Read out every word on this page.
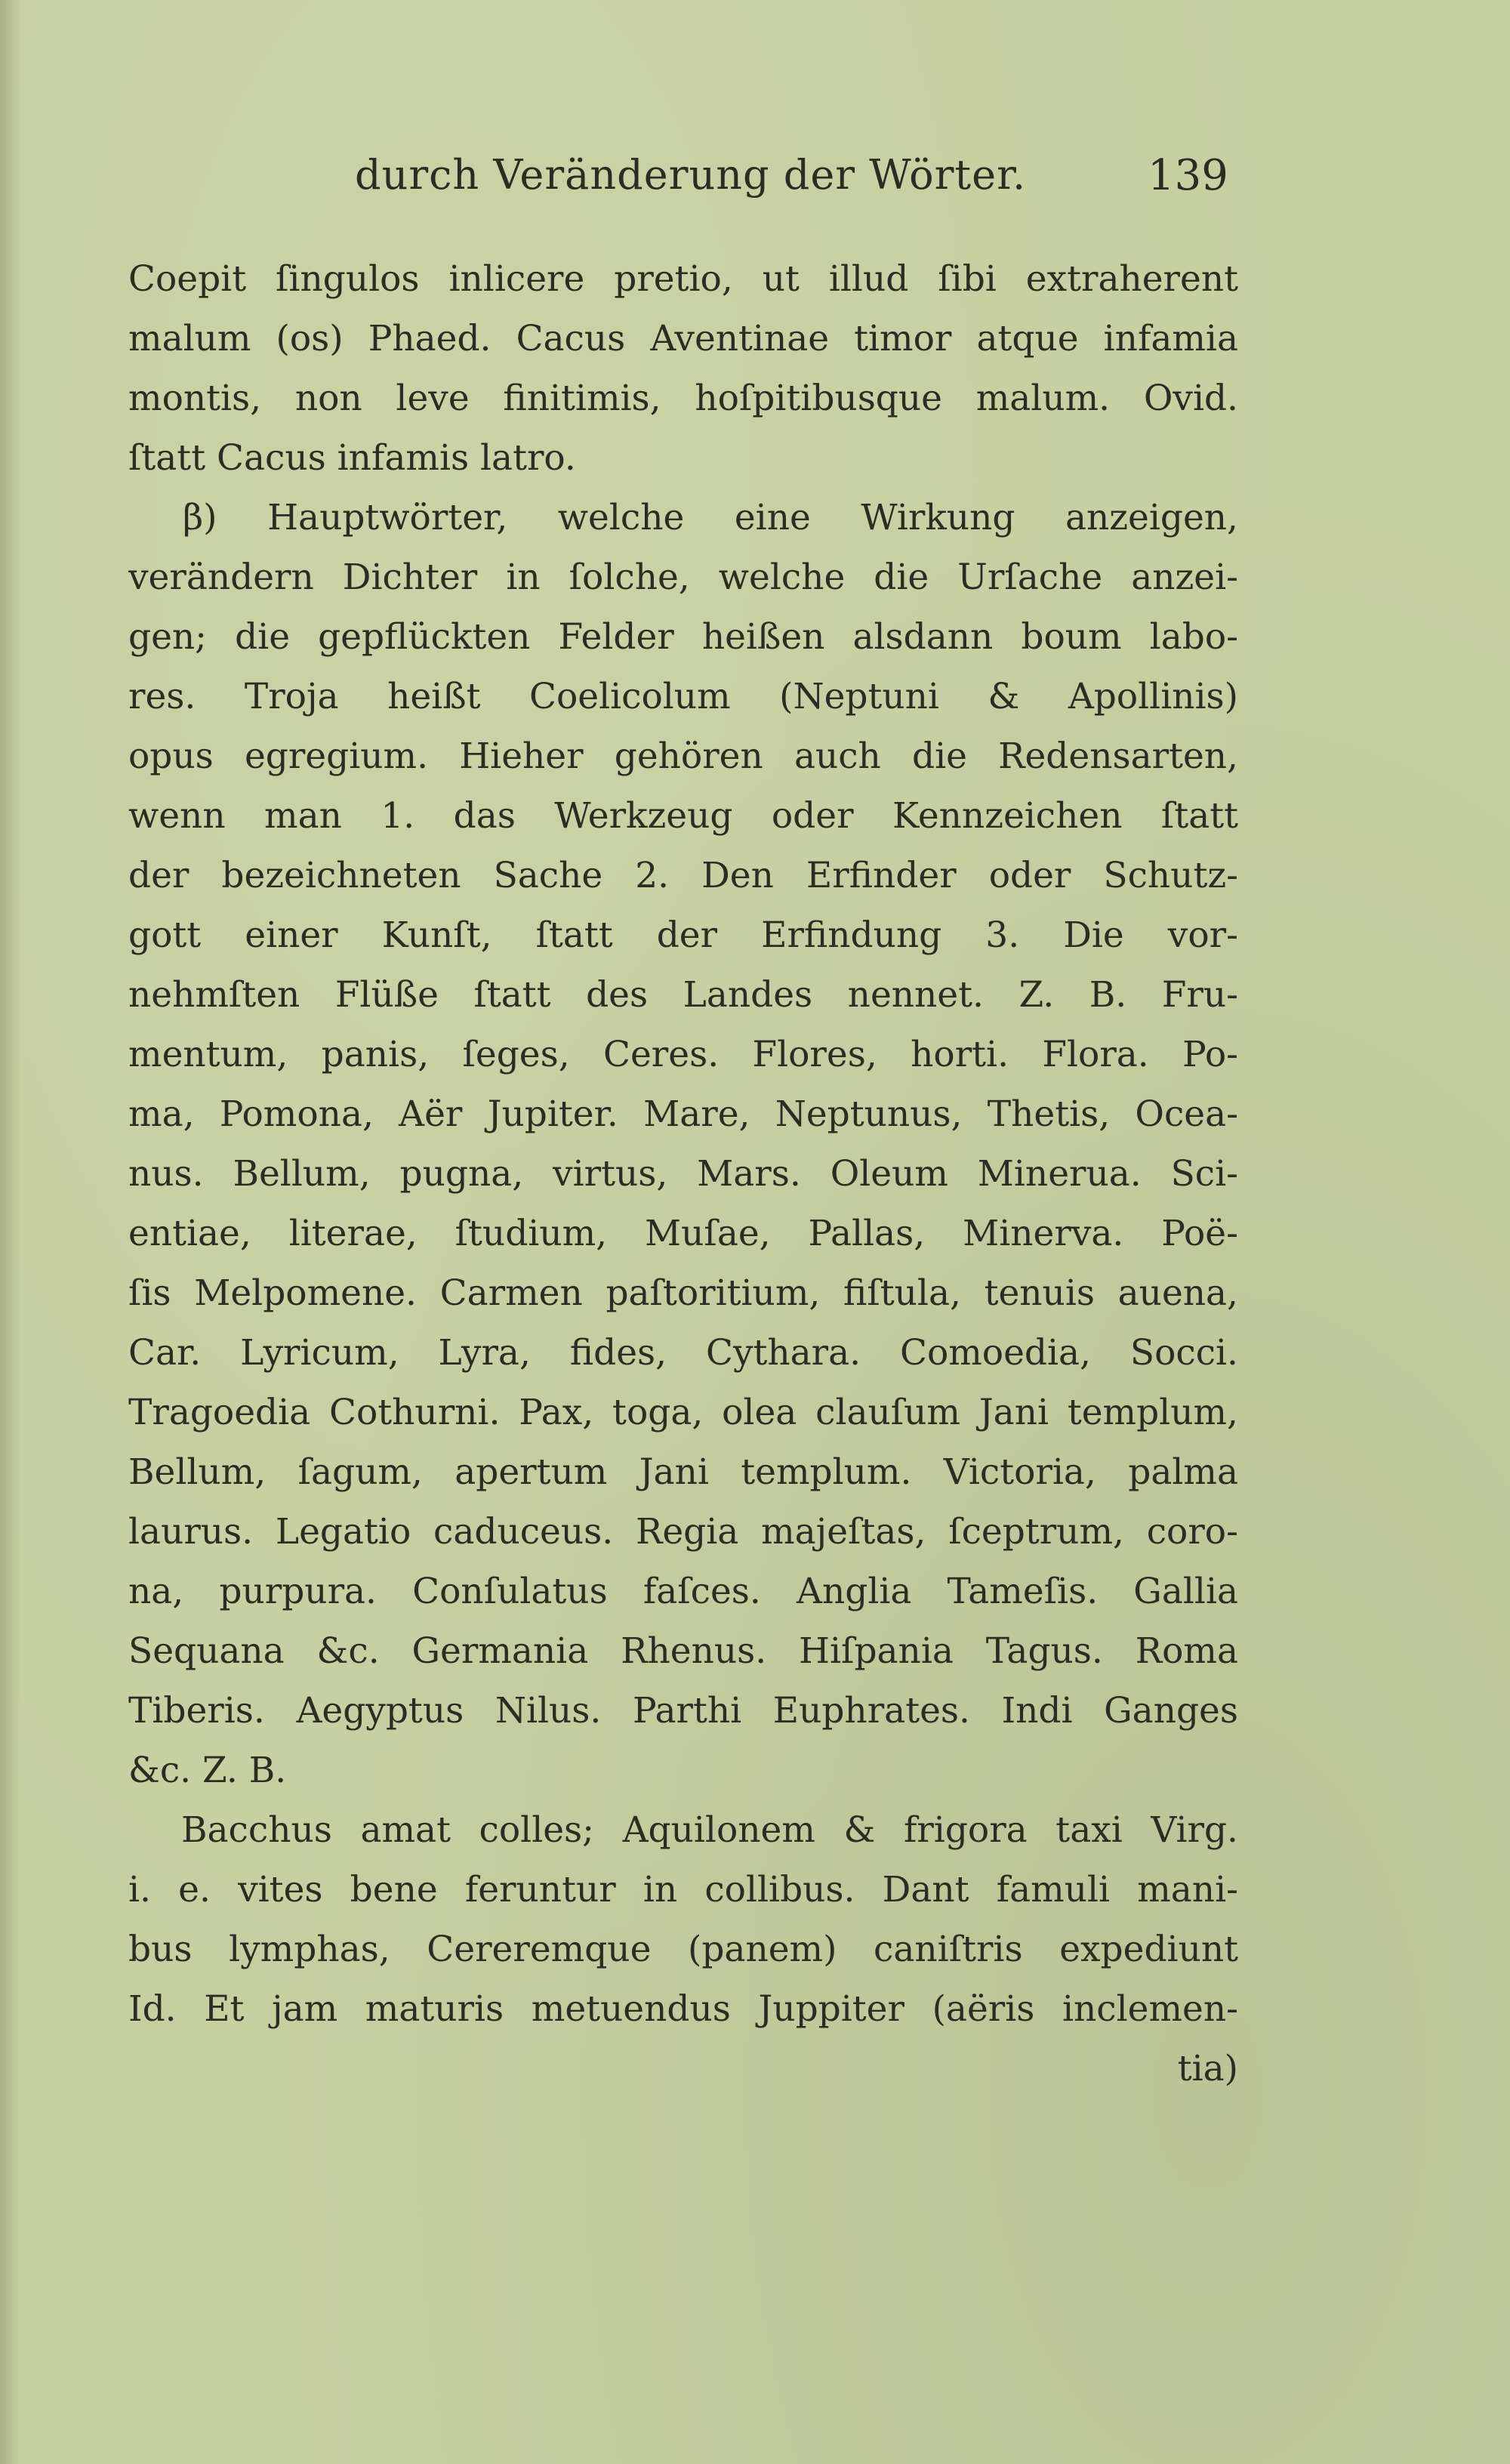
durch Veränderung der Wörter.	139
Coepit ſingulos inlicere pretio, ut illud ſibi extraherent
malum (os) Phaed. Cacus Aventinae timor atque infamia
montis, non leve finitimis, hoſpitibusque malum. Ovid.
ſtatt Cacus infamis latro.
β) Hauptwörter, welche eine Wirkung anzeigen,
verändern Dichter in ſolche, welche die Urſache anzei-
gen; die gepflückten Felder heißen alsdann boum labo-
res. Troja heißt Coelicolum (Neptuni & Apollinis)
opus egregium. Hieher gehören auch die Redensarten,
wenn man 1. das Werkzeug oder Kennzeichen ſtatt
der bezeichneten Sache 2. Den Erfinder oder Schutz-
gott einer Kunſt, ſtatt der Erfindung 3. Die vor-
nehmſten Flüße ſtatt des Landes nennet. Z. B. Fru-
mentum, panis, ſeges, Ceres. Flores, horti. Flora. Po-
ma, Pomona, Aër Jupiter. Mare, Neptunus, Thetis, Ocea-
nus. Bellum, pugna, virtus, Mars. Oleum Minerua. Sci-
entiae, literae, ſtudium, Muſae, Pallas, Minerva. Poë-
ſis Melpomene. Carmen paſtoritium, fiſtula, tenuis auena,
Car. Lyricum, Lyra, fides, Cythara. Comoedia, Socci.
Tragoedia Cothurni. Pax, toga, olea clauſum Jani templum,
Bellum, ſagum, apertum Jani templum. Victoria, palma
laurus. Legatio caduceus. Regia majeſtas, ſceptrum, coro-
na, purpura. Conſulatus faſces. Anglia Tameſis. Gallia
Sequana &c. Germania Rhenus. Hiſpania Tagus. Roma
Tiberis. Aegyptus Nilus. Parthi Euphrates. Indi Ganges
&c. Z. B.
Bacchus amat colles; Aquilonem & frigora taxi Virg.
i. e. vites bene feruntur in collibus. Dant famuli mani-
bus lymphas, Cereremque (panem) caniſtris expediunt
Id. Et jam maturis metuendus Juppiter (aëris inclemen-
tia)
